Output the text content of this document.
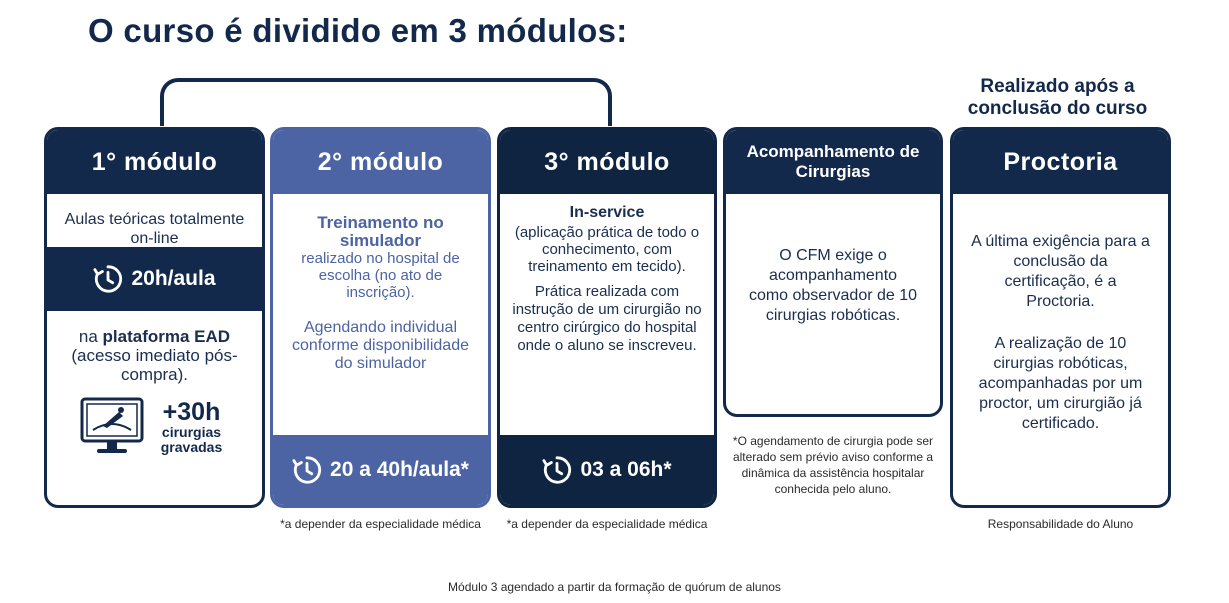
O curso é dividido em 3 módulos:
Realizado após a conclusão do curso
1° módulo
Aulas teóricas totalmente on-line
20h/aula
na plataforma EAD
(acesso imediato pós-compra).
+30h
cirurgias gravadas
2° módulo
Treinamento no simulador
realizado no hospital de escolha (no ato de inscrição).
Agendando individual conforme disponibilidade do simulador
20 a 40h/aula*
*a depender da especialidade médica
3° módulo
In-service
(aplicação prática de todo o conhecimento, com treinamento em tecido).
Prática realizada com instrução de um cirurgião no centro cirúrgico do hospital onde o aluno se inscreveu.
03 a 06h*
*a depender da especialidade médica
Acompanhamento de Cirurgias
O CFM exige o acompanhamento como observador de 10 cirurgias robóticas.
*O agendamento de cirurgia pode ser alterado sem prévio aviso conforme a dinâmica da assistência hospitalar conhecida pelo aluno.
Proctoria
A última exigência para a conclusão da certificação, é a Proctoria.
A realização de 10 cirurgias robóticas, acompanhadas por um proctor, um cirurgião já certificado.
Responsabilidade do Aluno
Módulo 3 agendado a partir da formação de quórum de alunos
